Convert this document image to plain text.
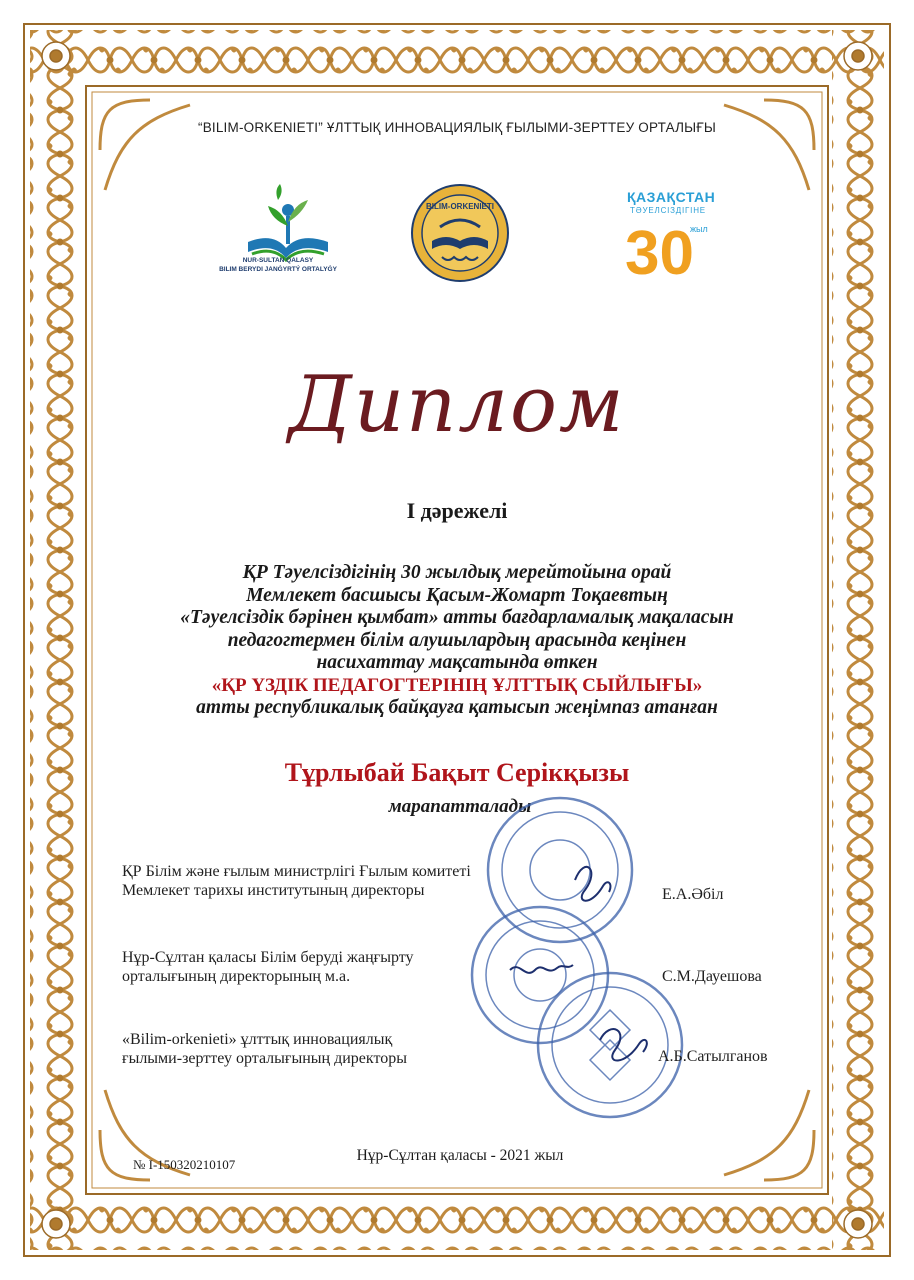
“BILIM-ORKENIETI” ҰЛТТЫҚ ИННОВАЦИЯЛЫҚ ҒЫЛЫМИ-ЗЕРТТЕУ ОРТАЛЫҒЫ
NUR-SULTAN QALASY
BILIM BERYDI JANǴYRTÝ ORTALYǴY
BILIM-ORKENIETI
ҚАЗАҚСТАН
ТӘУЕЛСІЗДІГІНЕ
30
жыл
Диплом
I дәрежелі
ҚР Тәуелсіздігінің 30 жылдық мерейтойына орай
Мемлекет басшысы Қасым-Жомарт Тоқаевтың
«Тәуелсіздік бәрінен қымбат» атты бағдарламалық мақаласын
педагогтермен білім алушылардың арасында кеңінен
насихаттау мақсатында өткен
«ҚР ҮЗДІК ПЕДАГОГТЕРІНІҢ ҰЛТТЫҚ СЫЙЛЫҒЫ»
атты республикалық байқауға қатысып жеңімпаз атанған
Тұрлыбай Бақыт Серікқызы
марапатталады
ҚР Білім және ғылым министрлігі Ғылым комитеті
Мемлекет тарихы институтының директоры	Е.А.Әбіл
Нұр-Сұлтан қаласы Білім беруді жаңғырту
орталығының директорының м.а.	С.М.Дауешова
«Bilim-orkenieti» ұлттық инновациялық
ғылыми-зерттеу орталығының директоры	А.Б.Сатылганов
Нұр-Сұлтан қаласы - 2021 жыл
№ I-150320210107
